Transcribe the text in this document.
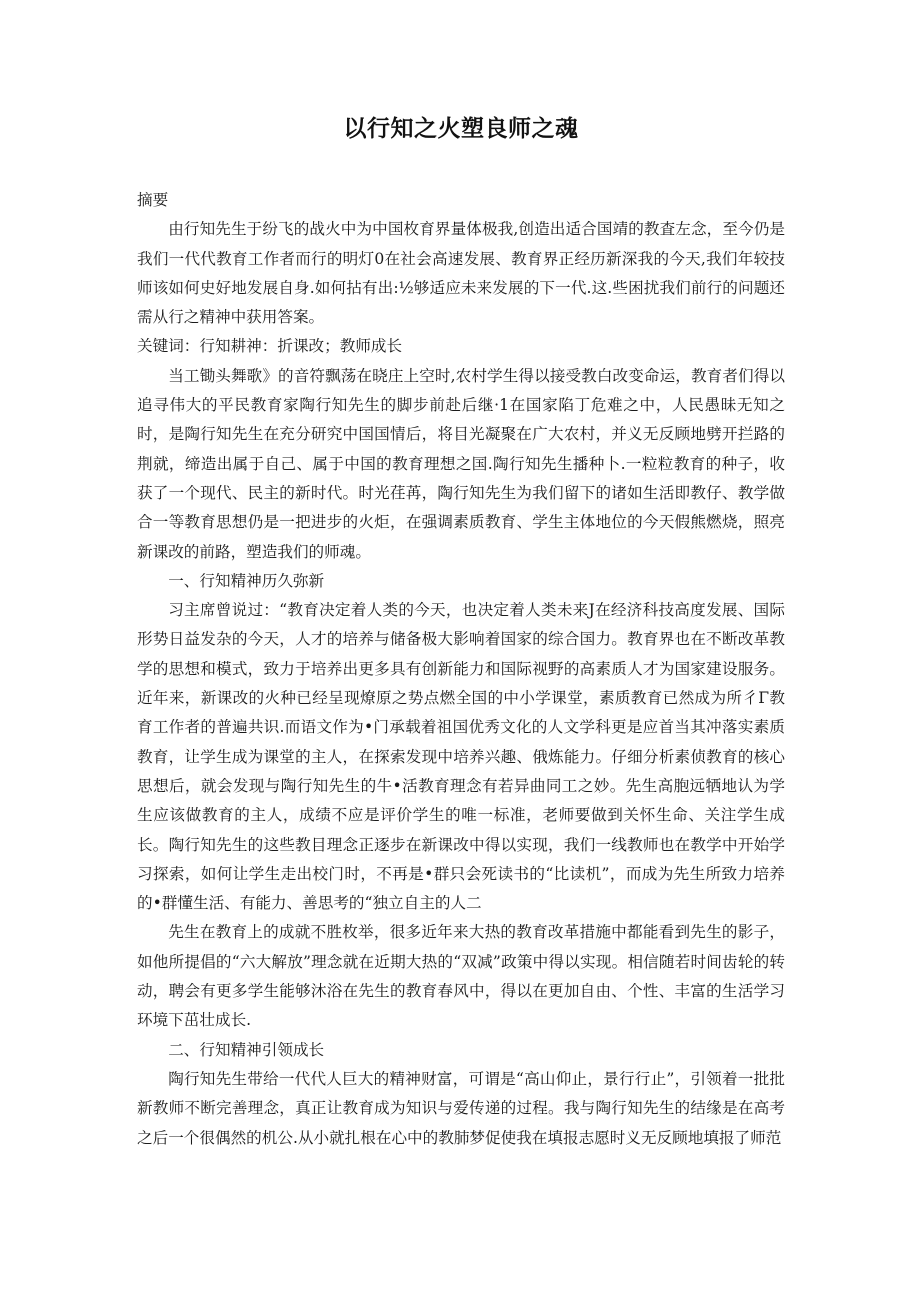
以行知之火塑良师之魂

摘要

由行知先生于纷飞的战火中为中国枚育界量体极我,创造出适合国靖的教査左念，至今仍是我们一代代教育工作者而行的明灯0在社会高速发展、教育界正经历新深我的今天,我们年较技师该如何史好地发展自身.如何拈有出:½够适应未来发展的下一代.这.些困扰我们前行的问题还需从行之精神中获用答案。

关键词：行知耕神：折课改；教师成长

当工锄头舞歌》的音符飘荡在晓庄上空时,农村学生得以接受教白改变命运，教育者们得以追寻伟大的平民教育家陶行知先生的脚步前赴后继·1在国家陷丁危难之中，人民愚昧无知之时，是陶行知先生在充分研究中国国情后，将目光凝聚在广大农村，并义无反顾地劈开拦路的荆就，缔造出属于自己、属于中国的教育理想之国.陶行知先生播种卜.一粒粒教育的种子，收获了一个现代、民主的新时代。时光荏苒，陶行知先生为我们留下的诸如生活即教仔、教学做合一等教育思想仍是一把进步的火炬，在强调素质教育、学生主体地位的今天假熊燃烧，照亮新课改的前路，塑造我们的师魂。

一、行知精神历久弥新

习主席曾说过：“教育决定着人类的今天，也决定着人类未来J在经济科技高度发展、国际形势日益发杂的今天，人才的培养与储备极大影响着国家的综合国力。教育界也在不断改革教学的思想和模式，致力于培养出更多具有创新能力和国际视野的高素质人才为国家建设服务。近年来，新课改的火种已经呈现燎原之势点燃全国的中小学课堂，素质教育已然成为所彳Γ教育工作者的普遍共识.而语文作为•门承载着祖国优秀文化的人文学科更是应首当其冲落实素质教育，让学生成为课堂的主人，在探索发现中培养兴趣、俄炼能力。仔细分析素侦教育的核心思想后，就会发现与陶行知先生的牛•活教育理念有若异曲同工之妙。先生高胞远牺地认为学生应该做教育的主人，成绩不应是评价学生的唯一标准，老师要做到关怀生命、关注学生成长。陶行知先生的这些教目理念正逐步在新课改中得以实现，我们一线教师也在教学中开始学习探索，如何让学生走出校门时，不再是•群只会死读书的“比读机”，而成为先生所致力培养的•群懂生活、有能力、善思考的“独立自主的人二

先生在教育上的成就不胜枚举，很多近年来大热的教育改革措施中都能看到先生的影子，如他所提倡的“六大解放”理念就在近期大热的“双减”政策中得以实现。相信随若时间齿轮的转动，聘会有更多学生能够沐浴在先生的教育春风中，得以在更加自由、个性、丰富的生活学习环境下茁壮成长.

二、行知精神引领成长

陶行知先生带给一代代人巨大的精神财富，可谓是“高山仰止，景行行止”，引领着一批批新教师不断完善理念，真正让教育成为知识与爱传递的过程。我与陶行知先生的结缘是在高考之后一个很偶然的机公.从小就扎根在心中的教肺梦促使我在填报志愿时义无反顾地填报了师范
